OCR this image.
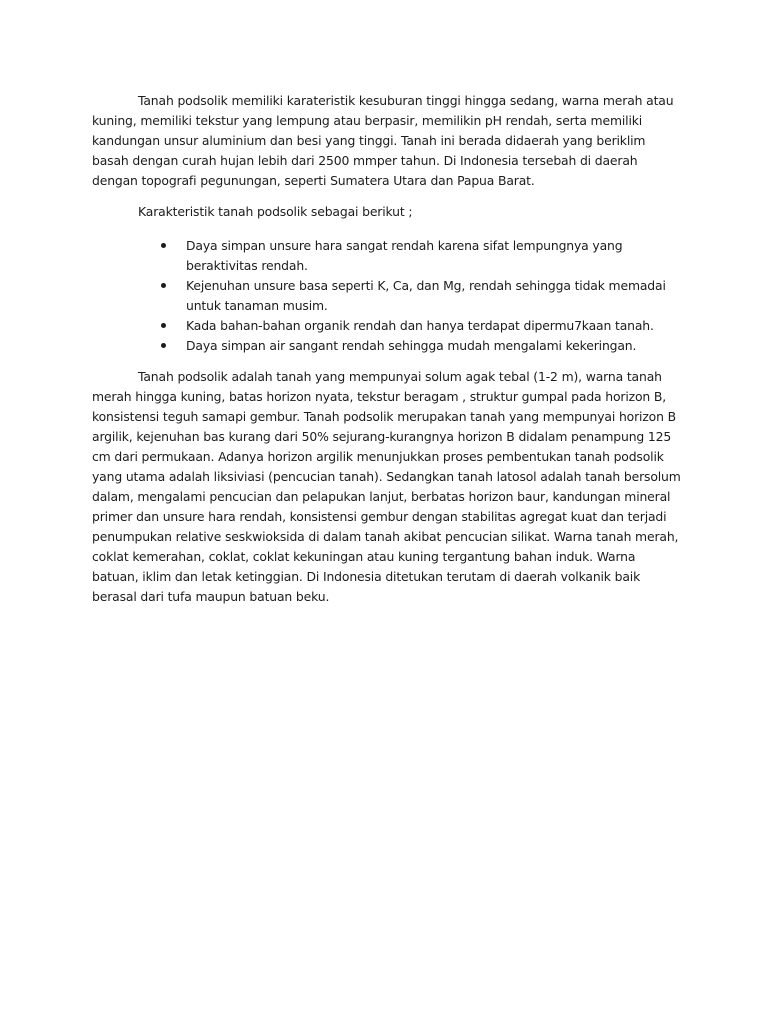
Tanah podsolik memiliki karateristik kesuburan tinggi hingga sedang, warna merah atau kuning, memiliki tekstur yang lempung atau berpasir, memilikin pH rendah, serta memiliki kandungan unsur aluminium dan besi yang tinggi. Tanah ini berada didaerah yang beriklim basah dengan curah hujan lebih dari 2500 mmper tahun. Di Indonesia tersebah di daerah dengan topografi pegunungan, seperti Sumatera Utara dan Papua Barat.

Karakteristik tanah podsolik sebagai berikut ;

Daya simpan unsure hara sangat rendah karena sifat lempungnya yang beraktivitas rendah.
Kejenuhan unsure basa seperti K, Ca, dan Mg, rendah sehingga tidak memadai untuk tanaman musim.
Kada bahan-bahan organik rendah dan hanya terdapat dipermu7kaan tanah.
Daya simpan air sangant rendah sehingga mudah mengalami kekeringan.

Tanah podsolik adalah tanah yang mempunyai solum agak tebal (1-2 m), warna tanah merah hingga kuning, batas horizon nyata, tekstur beragam , struktur gumpal pada horizon B, konsistensi teguh samapi gembur. Tanah podsolik merupakan tanah yang mempunyai horizon B argilik, kejenuhan bas kurang dari 50% sejurang-kurangnya horizon B didalam penampung 125 cm dari permukaan. Adanya horizon argilik menunjukkan proses pembentukan tanah podsolik yang utama adalah liksiviasi (pencucian tanah). Sedangkan tanah latosol adalah tanah bersolum dalam, mengalami pencucian dan pelapukan lanjut, berbatas horizon baur, kandungan mineral primer dan unsure hara rendah, konsistensi gembur dengan stabilitas agregat kuat dan terjadi penumpukan relative seskwioksida di dalam tanah akibat pencucian silikat. Warna tanah merah, coklat kemerahan, coklat, coklat kekuningan atau kuning tergantung bahan induk. Warna batuan, iklim dan letak ketinggian. Di Indonesia ditetukan terutam di daerah volkanik baik berasal dari tufa maupun batuan beku.
